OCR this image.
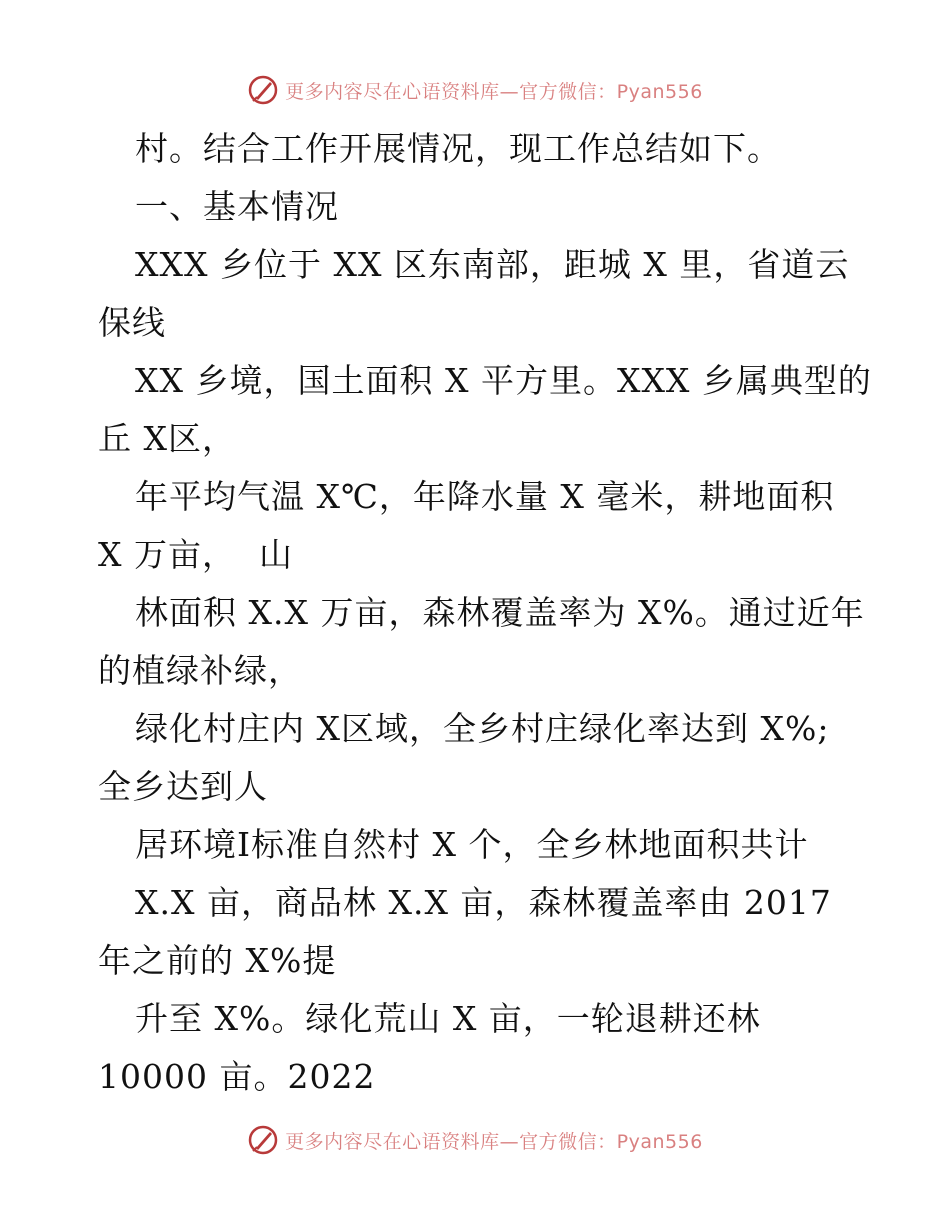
更多内容尽在心语资料库—官方微信：Pyan556
村。结合工作开展情况，现工作总结如下。
一、基本情况
XXX 乡位于 XX 区东南部，距城 X 里，省道云
保线
XX 乡境，国土面积 X 平方里。XXX 乡属典型的
丘 X区，
年平均气温 X℃，年降水量 X 毫米，耕地面积
X 万亩，  山
林面积 X.X 万亩，森林覆盖率为 X%。通过近年
的植绿补绿，
绿化村庄内 X区域，全乡村庄绿化率达到 X%;
全乡达到人
居环境Ⅰ标准自然村 X 个，全乡林地面积共计
X.X 亩，商品林 X.X 亩，森林覆盖率由 2017
年之前的 X%提
升至 X%。绿化荒山 X 亩，一轮退耕还林
10000 亩。2022
更多内容尽在心语资料库—官方微信：Pyan556
